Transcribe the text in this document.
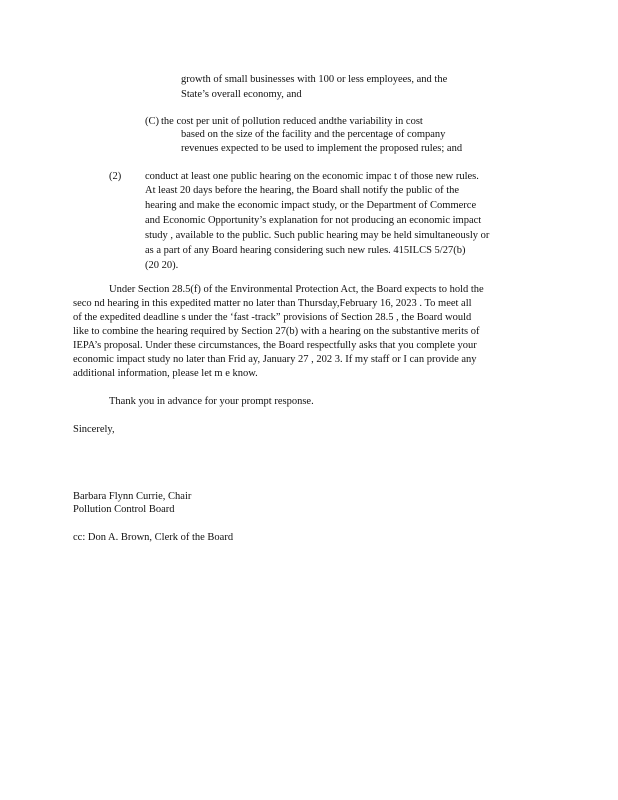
growth of small businesses with 100 or less employees, and the
State’s overall economy, and
(C) the cost per unit of pollution reduced andthe variability in cost
based on the size of the facility and the percentage of company
revenues expected to be used to implement the proposed rules; and
(2) conduct at least one public hearing on the economic impac t of those new rules.
At least 20 days before the hearing, the Board shall notify the public of the
hearing and make the economic impact study, or the Department of Commerce
and Economic Opportunity’s explanation for not producing an economic impact
study , available to the public. Such public hearing may be held simultaneously or
as a part of any Board hearing considering such new rules. 415ILCS 5/27(b)
(20 20).
Under Section 28.5(f) of the Environmental Protection Act, the Board expects to hold the
seco nd hearing in this expedited matter no later than Thursday,February 16, 2023 . To meet all
of the expedited deadline s under the ‘fast -track” provisions of Section 28.5 , the Board would
like to combine the hearing required by Section 27(b) with a hearing on the substantive merits of
IEPA’s proposal. Under these circumstances, the Board respectfully asks that you complete your
economic impact study no later than Frid ay, January 27 , 202 3. If my staff or I can provide any
additional information, please let m e know.
Thank you in advance for your prompt response.
Sincerely,
Barbara Flynn Currie, Chair
Pollution Control Board
cc: Don A. Brown, Clerk of the Board
